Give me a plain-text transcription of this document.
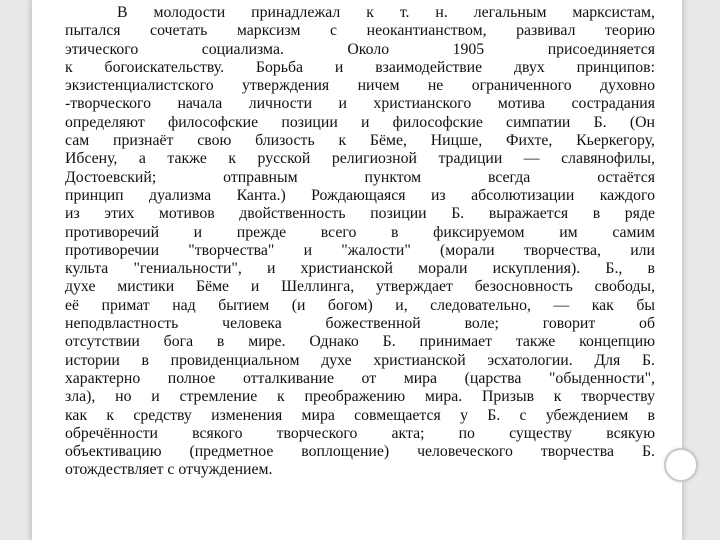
В молодости принадлежал к т. н. легальным марксистам,
пытался сочетать марксизм с неокантианством, развивал теорию
этического социализма. Около 1905 присоединяется
к богоискательству. Борьба и взаимодействие двух принципов:
экзистенциалистского утверждения ничем не ограниченного духовно
-творческого начала личности и христианского мотива сострадания
определяют философские позиции и философские симпатии Б. (Он
сам признаёт свою близость к Бёме, Ницше, Фихте, Кьеркегору,
Ибсену, а также к русской религиозной традиции — славянофилы,
Достоевский; отправным пунктом всегда остаётся
принцип дуализма Канта.) Рождающаяся из абсолютизации каждого
из этих мотивов двойственность позиции Б. выражается в ряде
противоречий и прежде всего в фиксируемом им самим
противоречии "творчества" и "жалости" (морали творчества, или
культа "гениальности", и христианской морали искупления). Б., в
духе мистики Бёме и Шеллинга, утверждает безосновность свободы,
её примат над бытием (и богом) и, следовательно, — как бы
неподвластность человека божественной воле; говорит об
отсутствии бога в мире. Однако Б. принимает также концепцию
истории в провиденциальном духе христианской эсхатологии. Для Б.
характерно полное отталкивание от мира (царства "обыденности",
зла), но и стремление к преображению мира. Призыв к творчеству
как к средству изменения мира совмещается у Б. с убеждением в
обречённости всякого творческого акта; по существу всякую
объективацию (предметное воплощение) человеческого творчества Б.
отождествляет с отчуждением.
